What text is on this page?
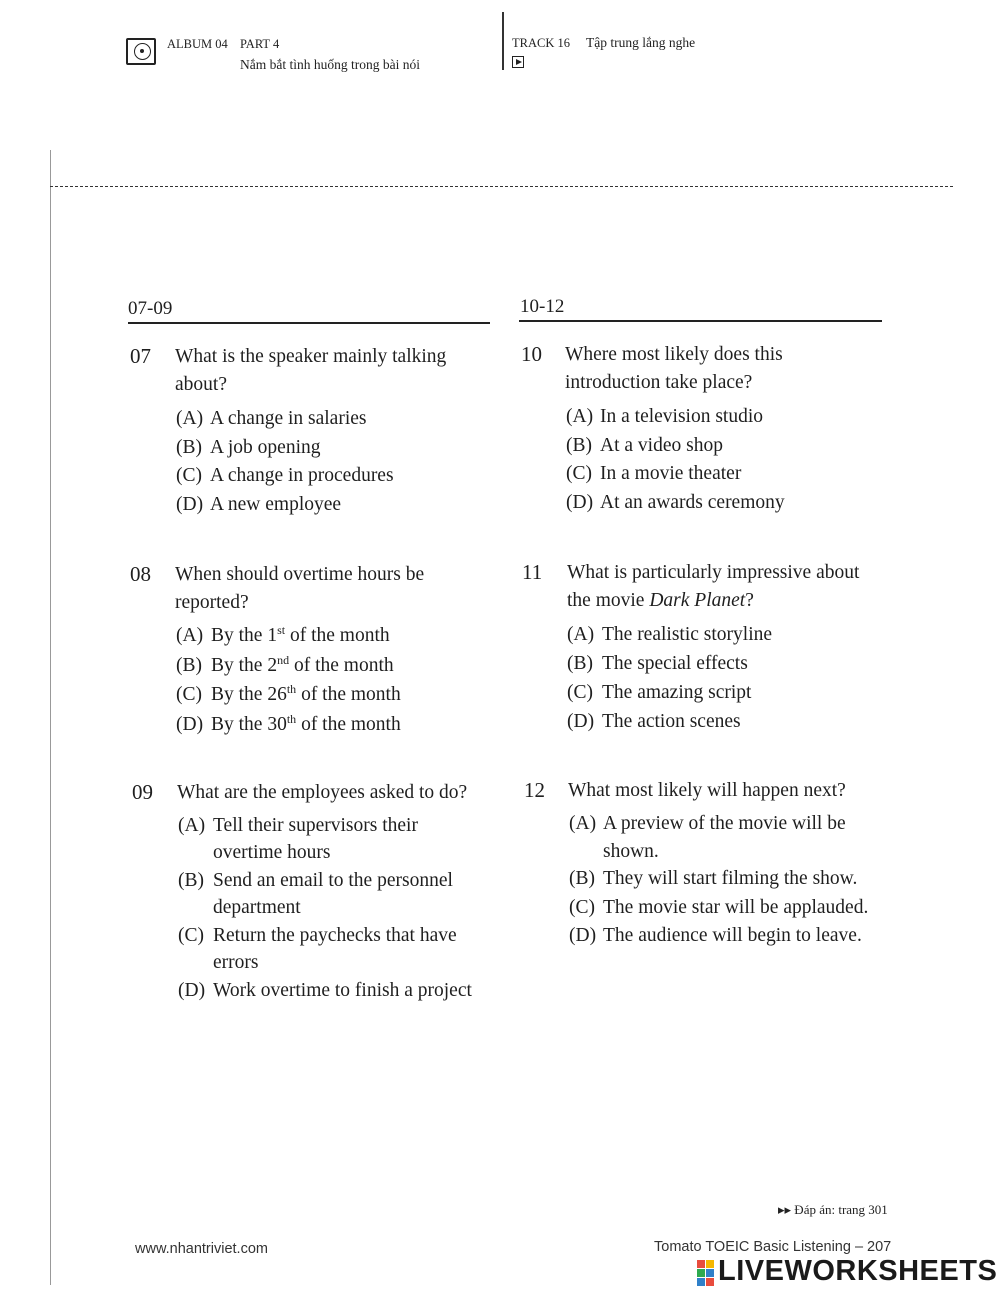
ALBUM 04 PART 4
Nắm bắt tình huống trong bài nói
TRACK 16 Tập trung lắng nghe
07-09
07 What is the speaker mainly talking
about?
(A) A change in salaries
(B) A job opening
(C) A change in procedures
(D) A new employee
08 When should overtime hours be
reported?
(A) By the 1st of the month
(B) By the 2nd of the month
(C) By the 26th of the month
(D) By the 30th of the month
09 What are the employees asked to do?
(A) Tell their supervisors their
overtime hours
(B) Send an email to the personnel
department
(C) Return the paychecks that have
errors
(D) Work overtime to finish a project
10-12
10 Where most likely does this
introduction take place?
(A) In a television studio
(B) At a video shop
(C) In a movie theater
(D) At an awards ceremony
11 What is particularly impressive about
the movie Dark Planet?
(A) The realistic storyline
(B) The special effects
(C) The amazing script
(D) The action scenes
12 What most likely will happen next?
(A) A preview of the movie will be
shown.
(B) They will start filming the show.
(C) The movie star will be applauded.
(D) The audience will begin to leave.
▸▸ Đáp án: trang 301
www.nhantriviet.com	Tomato TOEIC Basic Listening – 207
LIVEWORKSHEETS
